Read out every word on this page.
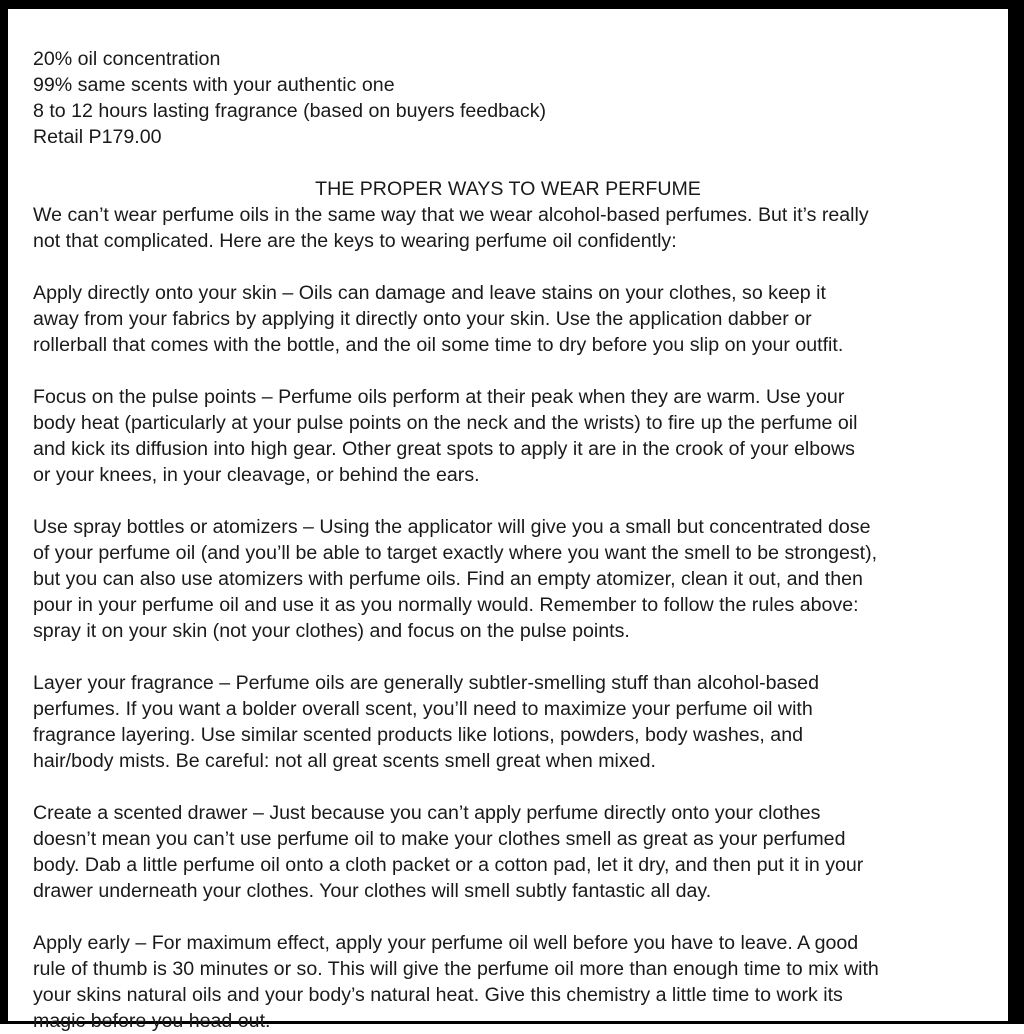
20% oil concentration
99% same scents with your authentic one
8 to 12 hours lasting fragrance (based on buyers feedback)
Retail P179.00

THE PROPER WAYS TO WEAR PERFUME

We can’t wear perfume oils in the same way that we wear alcohol-based perfumes. But it’s really
not that complicated. Here are the keys to wearing perfume oil confidently:

Apply directly onto your skin – Oils can damage and leave stains on your clothes, so keep it
away from your fabrics by applying it directly onto your skin. Use the application dabber or
rollerball that comes with the bottle, and the oil some time to dry before you slip on your outfit.

Focus on the pulse points – Perfume oils perform at their peak when they are warm. Use your
body heat (particularly at your pulse points on the neck and the wrists) to fire up the perfume oil
and kick its diffusion into high gear. Other great spots to apply it are in the crook of your elbows
or your knees, in your cleavage, or behind the ears.

Use spray bottles or atomizers – Using the applicator will give you a small but concentrated dose
of your perfume oil (and you’ll be able to target exactly where you want the smell to be strongest),
but you can also use atomizers with perfume oils. Find an empty atomizer, clean it out, and then
pour in your perfume oil and use it as you normally would. Remember to follow the rules above:
spray it on your skin (not your clothes) and focus on the pulse points.

Layer your fragrance – Perfume oils are generally subtler-smelling stuff than alcohol-based
perfumes. If you want a bolder overall scent, you’ll need to maximize your perfume oil with
fragrance layering. Use similar scented products like lotions, powders, body washes, and
hair/body mists. Be careful: not all great scents smell great when mixed.

Create a scented drawer – Just because you can’t apply perfume directly onto your clothes
doesn’t mean you can’t use perfume oil to make your clothes smell as great as your perfumed
body. Dab a little perfume oil onto a cloth packet or a cotton pad, let it dry, and then put it in your
drawer underneath your clothes. Your clothes will smell subtly fantastic all day.

Apply early – For maximum effect, apply your perfume oil well before you have to leave. A good
rule of thumb is 30 minutes or so. This will give the perfume oil more than enough time to mix with
your skins natural oils and your body’s natural heat. Give this chemistry a little time to work its
magic before you head out.
